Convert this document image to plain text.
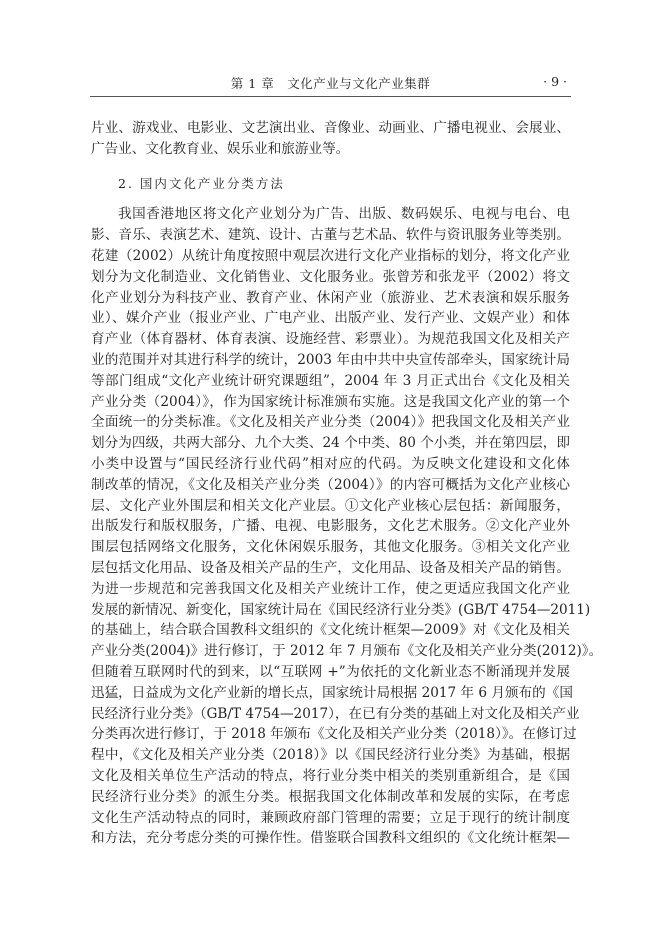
第 1 章　文化产业与文化产业集群	· 9 ·
片业、游戏业、电影业、文艺演出业、音像业、动画业、广播电视业、会展业、
广告业、文化教育业、娱乐业和旅游业等。
2. 国内文化产业分类方法
我国香港地区将文化产业划分为广告、出版、数码娱乐、电视与电台、电
影、音乐、表演艺术、建筑、设计、古董与艺术品、软件与资讯服务业等类别。
花建（2002）从统计角度按照中观层次进行文化产业指标的划分，将文化产业
划分为文化制造业、文化销售业、文化服务业。张曾芳和张龙平（2002）将文
化产业划分为科技产业、教育产业、休闲产业（旅游业、艺术表演和娱乐服务
业）、媒介产业（报业产业、广电产业、出版产业、发行产业、文娱产业）和体
育产业（体育器材、体育表演、设施经营、彩票业）。为规范我国文化及相关产
业的范围并对其进行科学的统计，2003 年由中共中央宣传部牵头，国家统计局
等部门组成“文化产业统计研究课题组”，2004 年 3 月正式出台《文化及相关
产业分类（2004）》，作为国家统计标准颁布实施。这是我国文化产业的第一个
全面统一的分类标准。《文化及相关产业分类（2004）》把我国文化及相关产业
划分为四级，共两大部分、九个大类、24 个中类、80 个小类，并在第四层，即
小类中设置与“国民经济行业代码”相对应的代码。为反映文化建设和文化体
制改革的情况，《文化及相关产业分类（2004）》的内容可概括为文化产业核心
层、文化产业外围层和相关文化产业层。①文化产业核心层包括：新闻服务，
出版发行和版权服务，广播、电视、电影服务，文化艺术服务。②文化产业外
围层包括网络文化服务，文化休闲娱乐服务，其他文化服务。③相关文化产业
层包括文化用品、设备及相关产品的生产，文化用品、设备及相关产品的销售。
为进一步规范和完善我国文化及相关产业统计工作，使之更适应我国文化产业
发展的新情况、新变化，国家统计局在《国民经济行业分类》(GB/T 4754—2011)
的基础上，结合联合国教科文组织的《文化统计框架—2009》对《文化及相关
产业分类(2004)》进行修订，于 2012 年 7 月颁布《文化及相关产业分类(2012)》。
但随着互联网时代的到来，以“互联网 +”为依托的文化新业态不断涌现并发展
迅猛，日益成为文化产业新的增长点，国家统计局根据 2017 年 6 月颁布的《国
民经济行业分类》（GB/T 4754—2017），在已有分类的基础上对文化及相关产业
分类再次进行修订，于 2018 年颁布《文化及相关产业分类（2018）》。在修订过
程中，《文化及相关产业分类（2018）》以《国民经济行业分类》为基础，根据
文化及相关单位生产活动的特点，将行业分类中相关的类别重新组合，是《国
民经济行业分类》的派生分类。根据我国文化体制改革和发展的实际，在考虑
文化生产活动特点的同时，兼顾政府部门管理的需要；立足于现行的统计制度
和方法，充分考虑分类的可操作性。借鉴联合国教科文组织的《文化统计框架—
